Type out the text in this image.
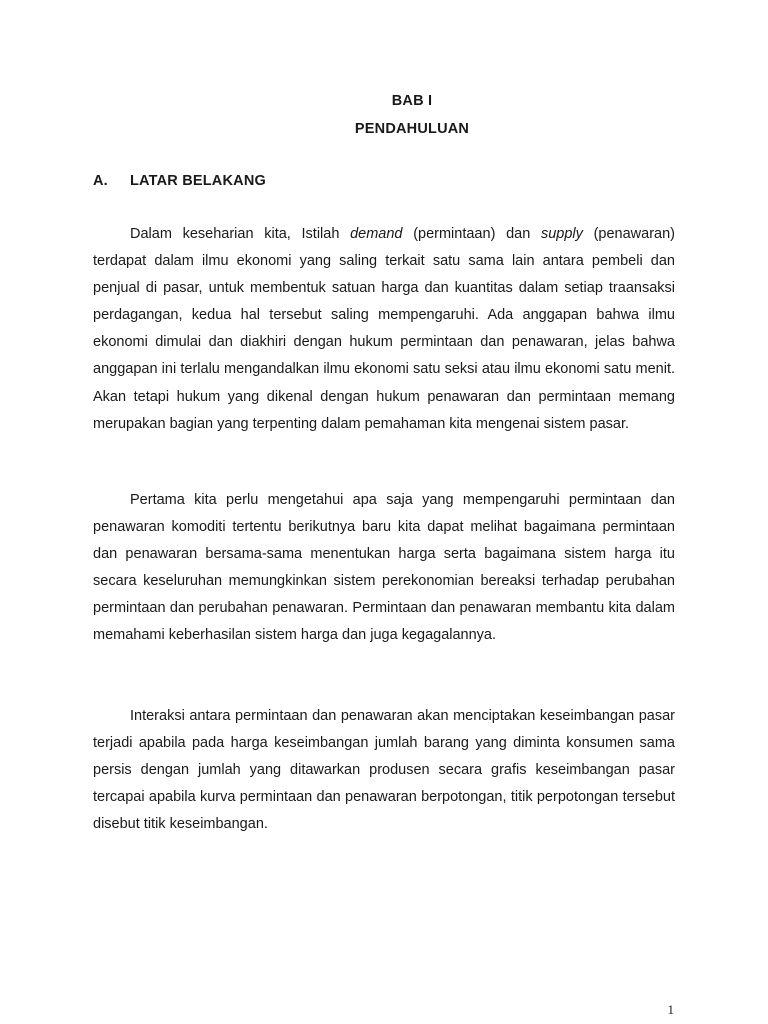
BAB I
PENDAHULUAN
A. LATAR BELAKANG

Dalam keseharian kita, Istilah demand (permintaan) dan supply (penawaran) terdapat dalam ilmu ekonomi yang saling terkait satu sama lain antara pembeli dan penjual di pasar, untuk membentuk satuan harga dan kuantitas dalam setiap traansaksi perdagangan, kedua hal tersebut saling mempengaruhi. Ada anggapan bahwa ilmu ekonomi dimulai dan diakhiri dengan hukum permintaan dan penawaran, jelas bahwa anggapan ini terlalu mengandalkan ilmu ekonomi satu seksi atau ilmu ekonomi satu menit. Akan tetapi hukum yang dikenal dengan hukum penawaran dan permintaan memang merupakan bagian yang terpenting dalam pemahaman kita mengenai sistem pasar.

Pertama kita perlu mengetahui apa saja yang mempengaruhi permintaan dan penawaran komoditi tertentu berikutnya baru kita dapat melihat bagaimana permintaan dan penawaran bersama-sama menentukan harga serta bagaimana sistem harga itu secara keseluruhan memungkinkan sistem perekonomian bereaksi terhadap perubahan permintaan dan perubahan penawaran. Permintaan dan penawaran membantu kita dalam memahami keberhasilan sistem harga dan juga kegagalannya.

Interaksi antara permintaan dan penawaran akan menciptakan keseimbangan pasar terjadi apabila pada harga keseimbangan jumlah barang yang diminta konsumen sama persis dengan jumlah yang ditawarkan produsen secara grafis keseimbangan pasar tercapai apabila kurva permintaan dan penawaran berpotongan, titik perpotongan tersebut disebut titik keseimbangan.

1
